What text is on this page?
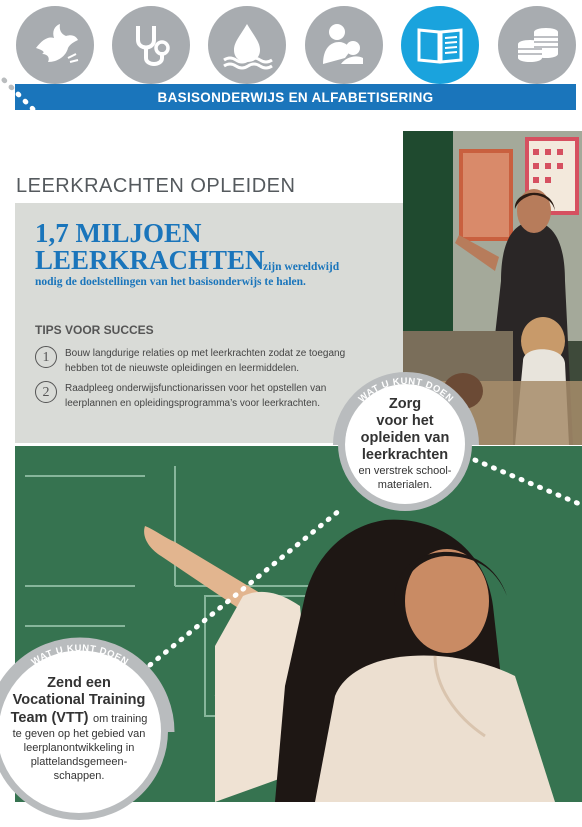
BASISONDERWIJS EN ALFABETISERING
LEERKRACHTEN OPLEIDEN
1,7 MILJOEN
LEERKRACHTEN
zijn wereldwijd
nodig de doelstellingen van het basisonderwijs te halen.
TIPS VOOR SUCCES
1	Bouw langdurige relaties op met leerkrachten zodat ze toegang
hebben tot de nieuwste opleidingen en leermiddelen.
2	Raadpleeg onderwijsfunctionarissen voor het opstellen van
leerplannen en opleidingsprogramma’s voor leerkrachten.	WAT U KUNT DOEN
Zorg
voor het
opleiden van
leerkrachten
en verstrek school-
materialen.
WAT U KUNT DOEN
Zend een
Vocational Training
Team (VTT) om training
te geven op het gebied van
leerplanontwikkeling in
plattelandsgemeen-
schappen.
